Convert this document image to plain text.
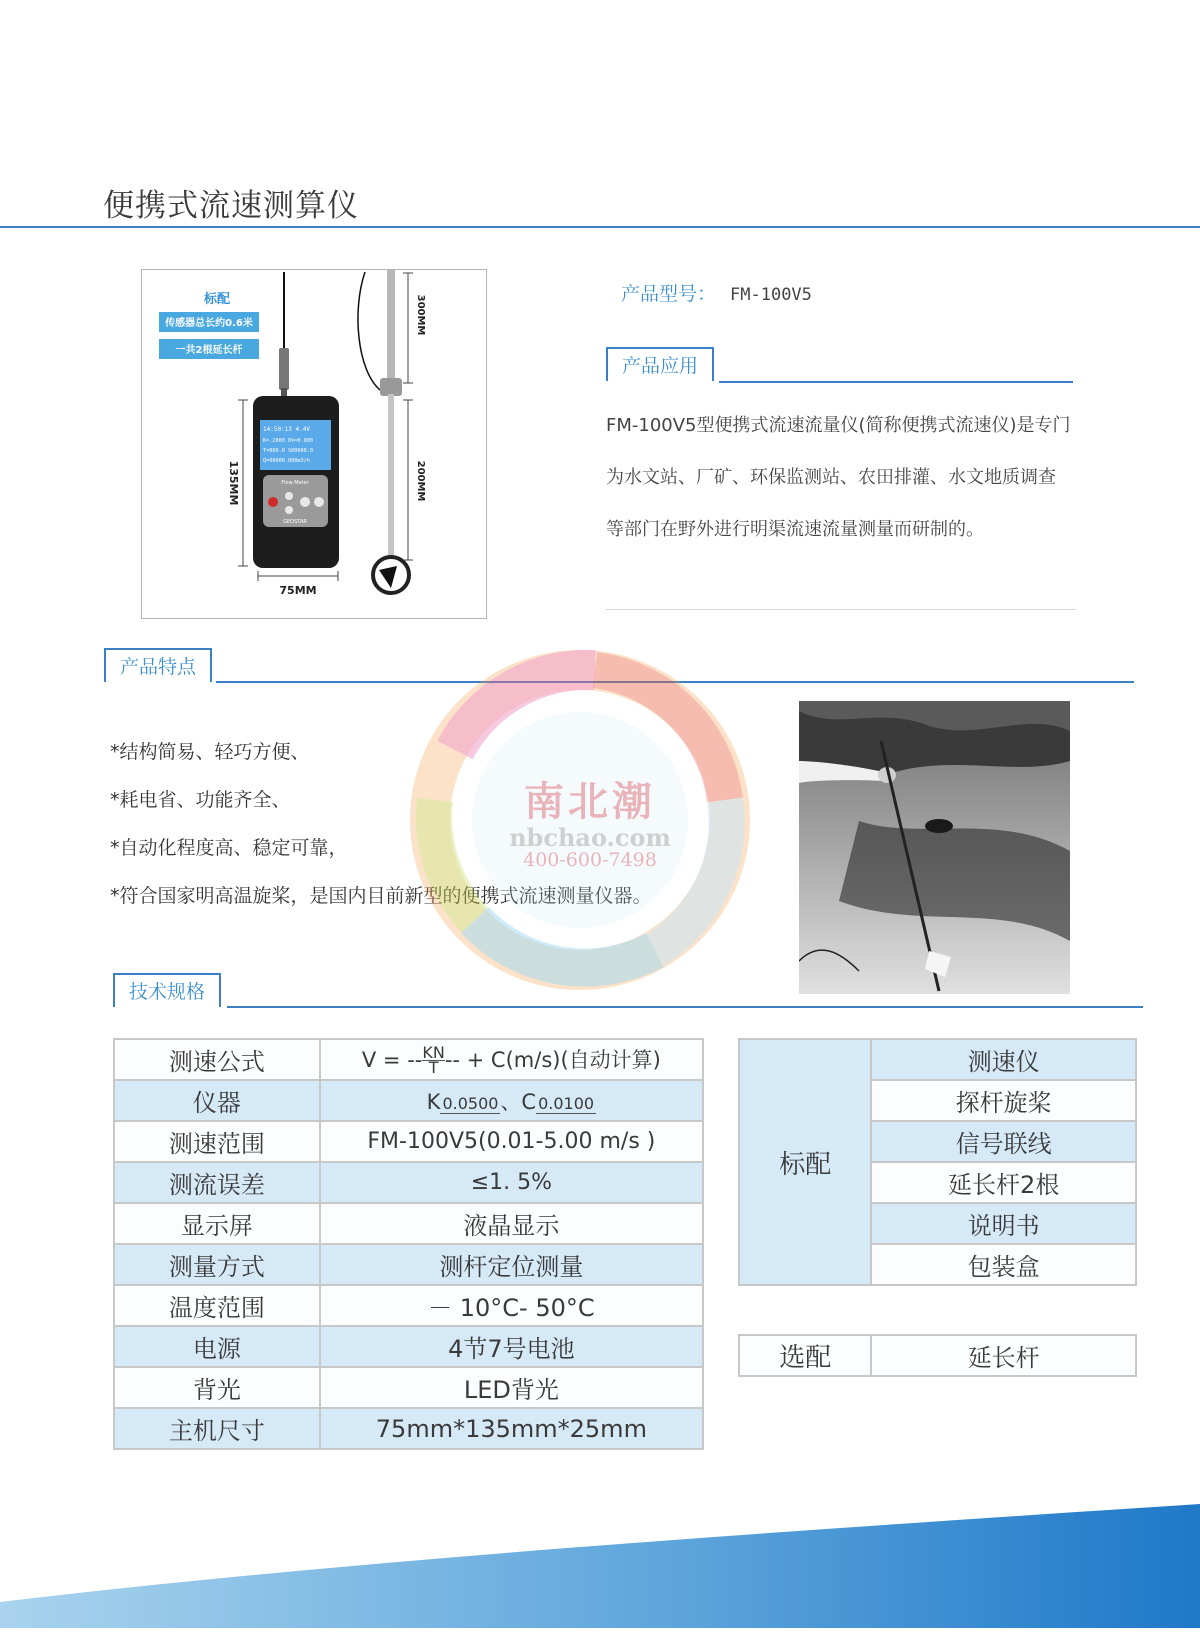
便携式流速测算仪
标配
传感器总长约0.6米
一共2根延长杆
14:50:13 4.4V
K=.2000 0V=0.000
T=000.0 S00000.0
Q=00000.000m3/h
Flow Meter
GEOSTAR
135MM
75MM
300MM
200MM
产品型号： FM-100V5
产品应用
FM-100V5型便携式流速流量仪(简称便携式流速仪)是专门
为水文站、厂矿、环保监测站、农田排灌、水文地质调查
等部门在野外进行明渠流速流量测量而研制的。
产品特点
*结构简易、轻巧方便、
*耗电省、功能齐全、
*自动化程度高、稳定可靠，
*符合国家明高温旋桨，是国内目前新型的便携式流速测量仪器。
南北潮
nbchao.com
400-600-7498
技术规格
测速公式	V = -- $\frac{KN}{T}$ -- + C(m/s)(自动计算)
仪器	K 0.0500、C 0.0100
测速范围	FM-100V5(0.01-5.00 m/s )
测流误差	≤1. 5%
显示屏	液晶显示
测量方式	测杆定位测量
温度范围	－ 10°C- 50°C
电源	4节7号电池
背光	LED背光
主机尺寸	75mm*135mm*25mm
标配	测速仪
探杆旋桨
信号联线
延长杆2根
说明书
包装盒
选配	延长杆
